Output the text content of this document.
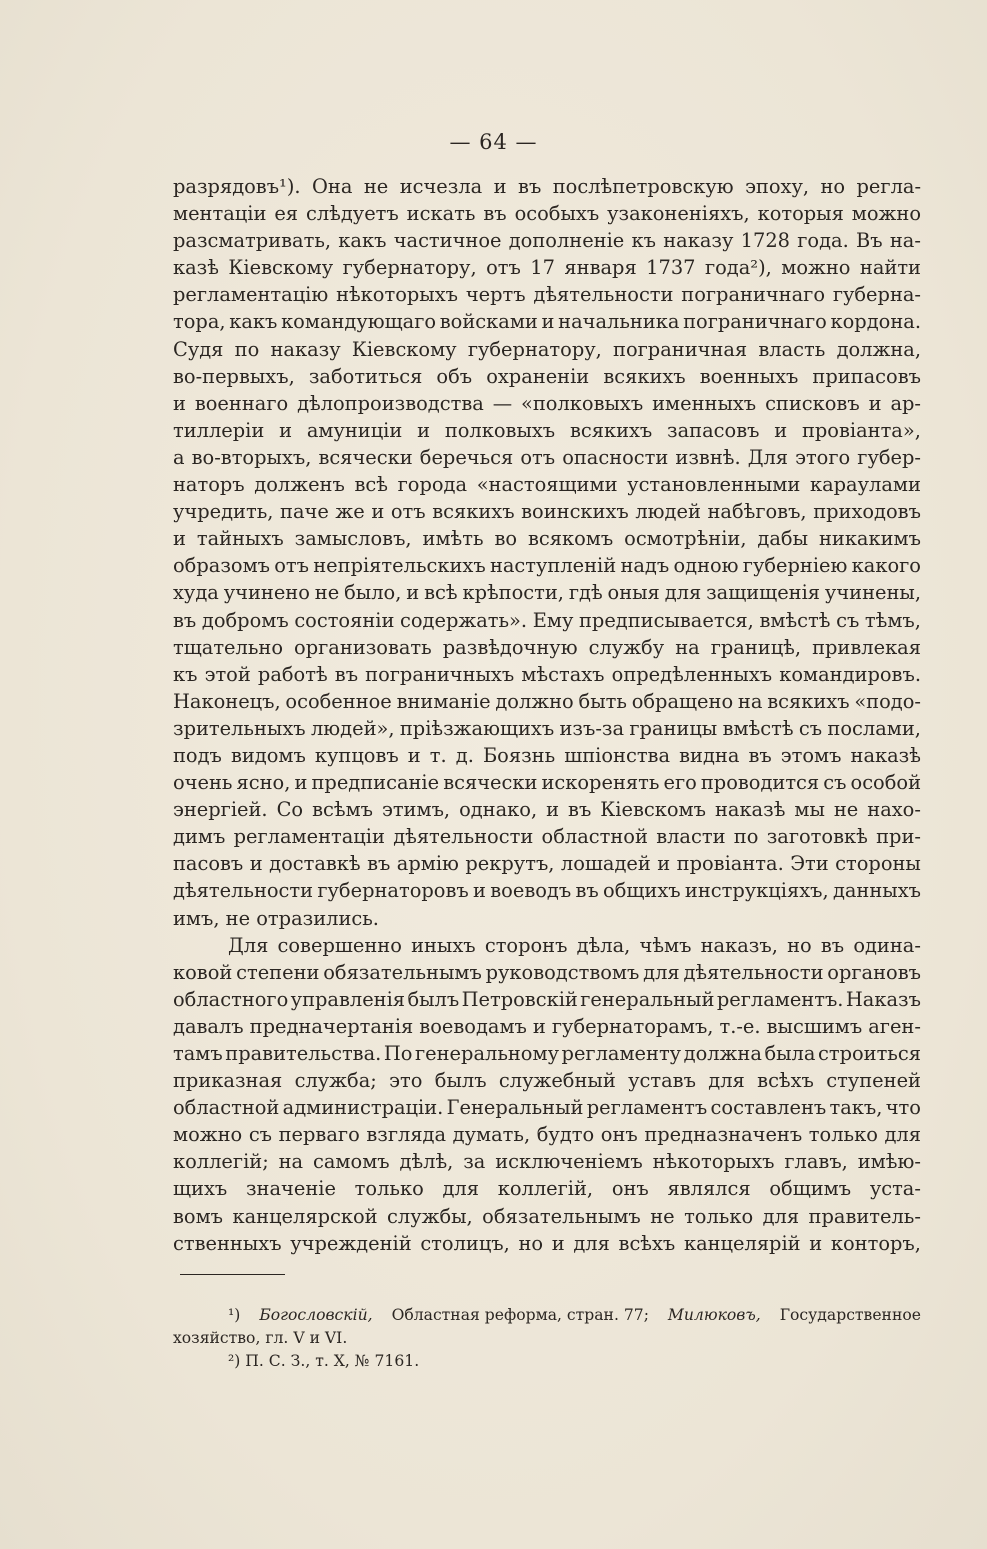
— 64 —
разрядовъ¹). Она не исчезла и въ послѣпетровскую эпоху, но регла-
ментаціи ея слѣдуетъ искать въ особыхъ узаконеніяхъ, которыя можно
разсматривать, какъ частичное дополненіе къ наказу 1728 года. Въ на-
казѣ Кіевскому губернатору, отъ 17 января 1737 года²), можно найти
регламентацію нѣкоторыхъ чертъ дѣятельности пограничнаго губерна-
тора, какъ командующаго войсками и начальника пограничнаго кордона.
Судя по наказу Кіевскому губернатору, пограничная власть должна,
во-первыхъ, заботиться объ охраненіи всякихъ военныхъ припасовъ
и военнаго дѣлопроизводства — «полковыхъ именныхъ списковъ и ар-
тиллеріи и амуниціи и полковыхъ всякихъ запасовъ и провіанта»,
а во-вторыхъ, всячески беречься отъ опасности извнѣ. Для этого губер-
наторъ долженъ всѣ города «настоящими установленными караулами
учредить, паче же и отъ всякихъ воинскихъ людей набѣговъ, приходовъ
и тайныхъ замысловъ, имѣть во всякомъ осмотрѣніи, дабы никакимъ
образомъ отъ непріятельскихъ наступленій надъ одною губерніею какого
худа учинено не было, и всѣ крѣпости, гдѣ оныя для защищенія учинены,
въ добромъ состояніи содержать». Ему предписывается, вмѣстѣ съ тѣмъ,
тщательно организовать развѣдочную службу на границѣ, привлекая
къ этой работѣ въ пограничныхъ мѣстахъ опредѣленныхъ командировъ.
Наконецъ, особенное вниманіе должно быть обращено на всякихъ «подо-
зрительныхъ людей», пріѣзжающихъ изъ-за границы вмѣстѣ съ послами,
подъ видомъ купцовъ и т. д. Боязнь шпіонства видна въ этомъ наказѣ
очень ясно, и предписаніе всячески искоренять его проводится съ особой
энергіей. Со всѣмъ этимъ, однако, и въ Кіевскомъ наказѣ мы не нахо-
димъ регламентаціи дѣятельности областной власти по заготовкѣ при-
пасовъ и доставкѣ въ армію рекрутъ, лошадей и провіанта. Эти стороны
дѣятельности губернаторовъ и воеводъ въ общихъ инструкціяхъ, данныхъ
имъ, не отразились.
Для совершенно иныхъ сторонъ дѣла, чѣмъ наказъ, но въ одина-
ковой степени обязательнымъ руководствомъ для дѣятельности органовъ
областного управленія былъ Петровскій генеральный регламентъ. Наказъ
давалъ предначертанія воеводамъ и губернаторамъ, т.-е. высшимъ аген-
тамъ правительства. По генеральному регламенту должна была строиться
приказная служба; это былъ служебный уставъ для всѣхъ ступеней
областной администраціи. Генеральный регламентъ составленъ такъ, что
можно съ перваго взгляда думать, будто онъ предназначенъ только для
коллегій; на самомъ дѣлѣ, за исключеніемъ нѣкоторыхъ главъ, имѣю-
щихъ значеніе только для коллегій, онъ являлся общимъ уста-
вомъ канцелярской службы, обязательнымъ не только для правитель-
ственныхъ учрежденій столицъ, но и для всѣхъ канцелярій и конторъ,
¹) Богословскій, Областная реформа, стран. 77; Милюковъ, Государственное
хозяйство, гл. V и VI.
²) П. С. З., т. X, № 7161.
